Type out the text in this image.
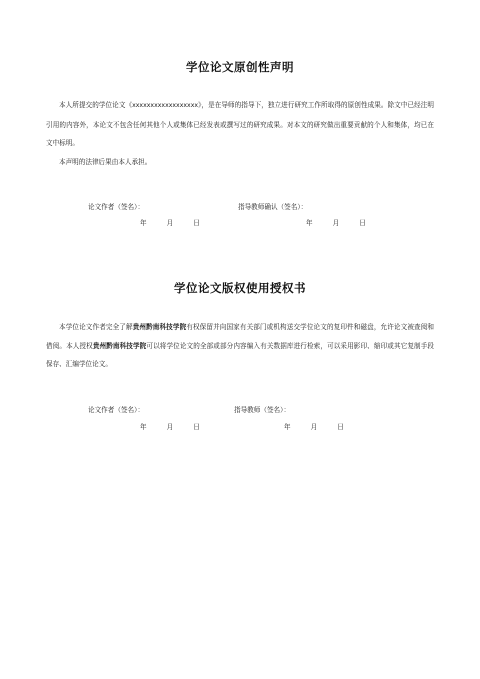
学位论文原创性声明

本人所提交的学位论文《xxxxxxxxxxxxxxxxxx》，是在导师的指导下，独立进行研究工作所取得的原创性成果。除文中已经注明引用的内容外，本论文不包含任何其他个人或集体已经发表或撰写过的研究成果。对本文的研究做出重要贡献的个人和集体，均已在文中标明。

本声明的法律后果由本人承担。

论文作者（签名）：	指导教师确认（签名）：
年	月	日	年	月	日
学位论文版权使用授权书

本学位论文作者完全了解贵州黔南科技学院有权保留并向国家有关部门或机构送交学位论文的复印件和磁盘，允许论文被查阅和借阅。本人授权贵州黔南科技学院可以将学位论文的全部或部分内容编入有关数据库进行检索，可以采用影印、缩印或其它复制手段保存、汇编学位论文。

论文作者（签名）：	指导教师（签名）：
年	月	日	年	月	日
